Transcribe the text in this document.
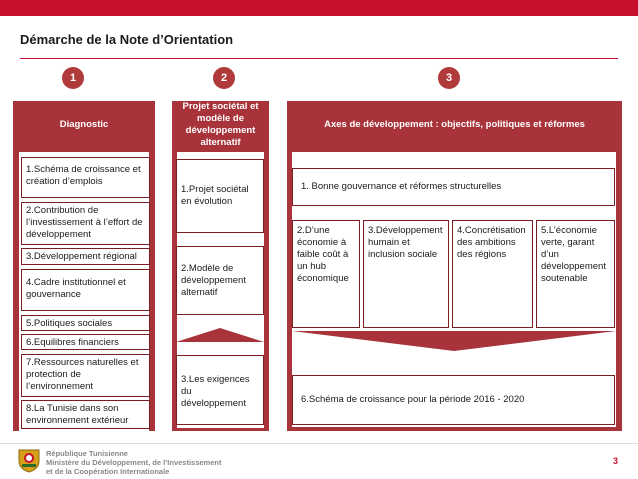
Démarche de la Note d’Orientation
1	2	3
Diagnostic
1.Schéma de croissance et création d’emplois
2.Contribution de l’investissement à l’effort de développement
3.Développement régional
4.Cadre institutionnel et gouvernance
5.Politiques sociales
6.Equilibres financiers
7.Ressources naturelles et protection de l’environnement
8.La Tunisie dans son environnement extérieur
Projet sociétal et modèle de développement alternatif
1.Projet sociétal en évolution
2.Modèle de développement alternatif
3.Les exigences du développement
Axes de développement : objectifs, politiques et réformes
1. Bonne gouvernance et réformes structurelles
2.D’une économie à faible coût à un hub économique
3.Développement humain et inclusion sociale
4.Concrétisation des ambitions des régions
5.L’économie verte, garant d’un développement soutenable
6.Schéma de croissance pour la période 2016 - 2020
République Tunisienne
Ministère du Développement, de l’Investissement
et de la Coopération Internationale
3
